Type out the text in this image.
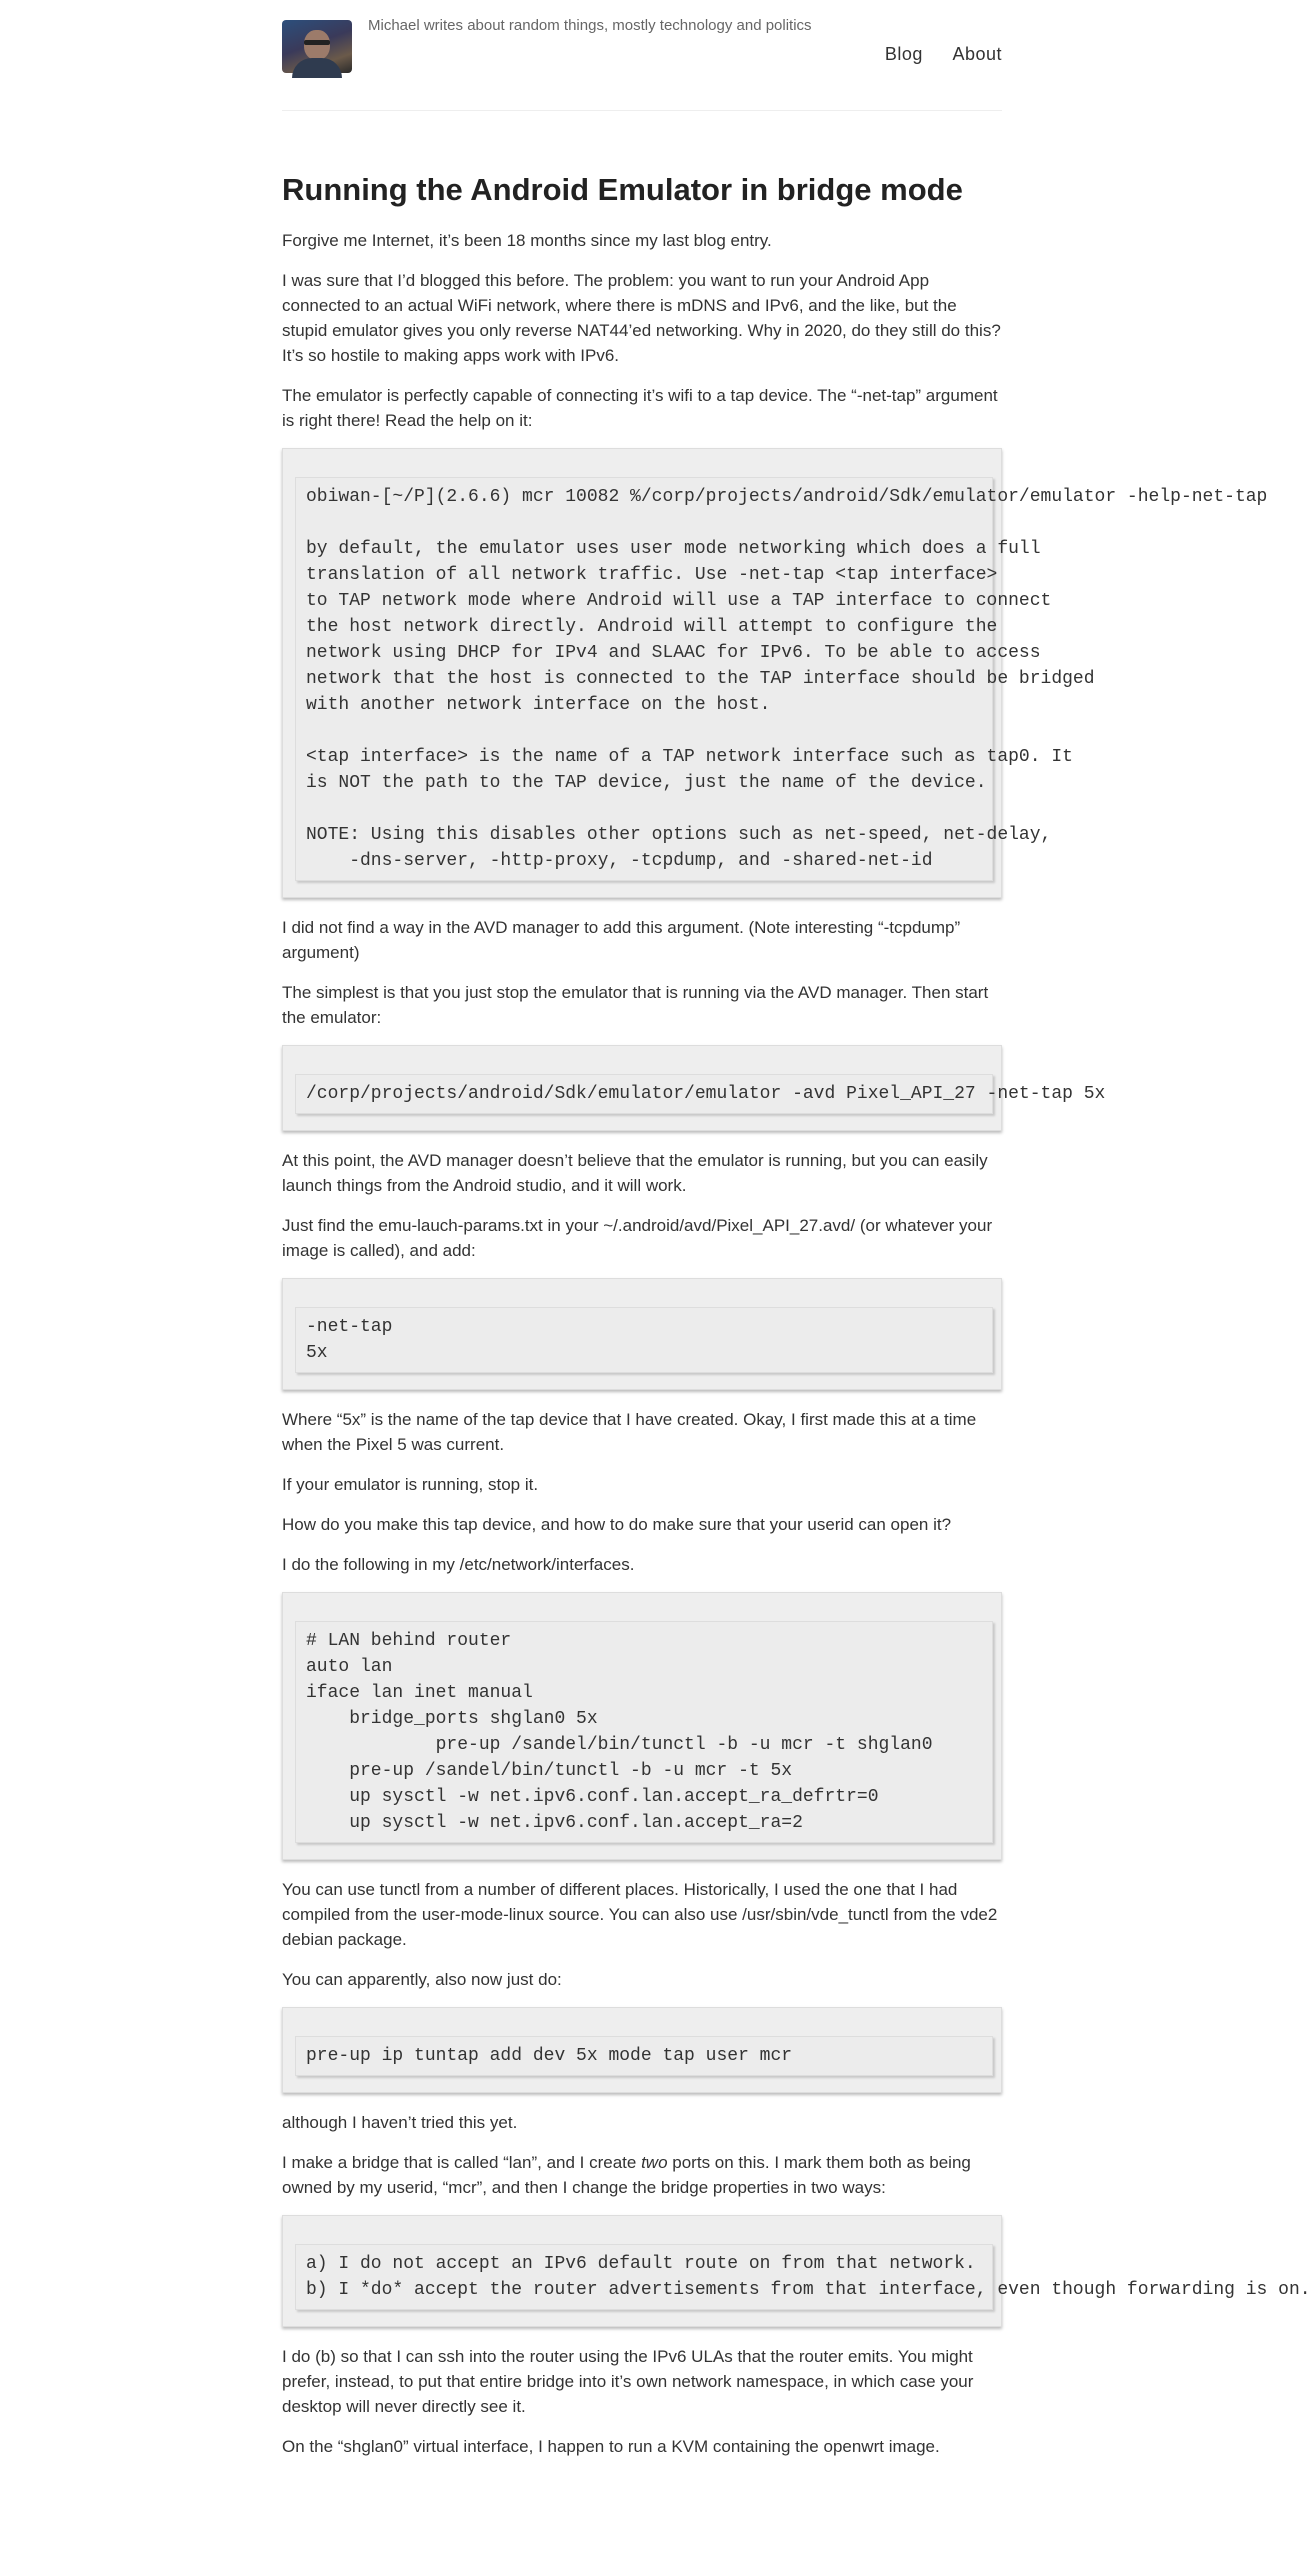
Michael writes about random things, mostly technology and politics
Blog About
Running the Android Emulator in bridge mode

Forgive me Internet, it’s been 18 months since my last blog entry.

I was sure that I’d blogged this before. The problem: you want to run your Android App connected to an actual WiFi network, where there is mDNS and IPv6, and the like, but the stupid emulator gives you only reverse NAT44’ed networking. Why in 2020, do they still do this? It’s so hostile to making apps work with IPv6.

The emulator is perfectly capable of connecting it’s wifi to a tap device. The “-net-tap” argument is right there! Read the help on it:

obiwan-[~/P](2.6.6) mcr 10082 %/corp/projects/android/Sdk/emulator/emulator -help-net-tap

by default, the emulator uses user mode networking which does a full
translation of all network traffic. Use -net-tap <tap interface>
to TAP network mode where Android will use a TAP interface to connect
the host network directly. Android will attempt to configure the
network using DHCP for IPv4 and SLAAC for IPv6. To be able to access
network that the host is connected to the TAP interface should be bridged
with another network interface on the host.

<tap interface> is the name of a TAP network interface such as tap0. It
is NOT the path to the TAP device, just the name of the device.

NOTE: Using this disables other options such as net-speed, net-delay,
-dns-server, -http-proxy, -tcpdump, and -shared-net-id

I did not find a way in the AVD manager to add this argument. (Note interesting “-tcpdump” argument)

The simplest is that you just stop the emulator that is running via the AVD manager. Then start the emulator:

/corp/projects/android/Sdk/emulator/emulator -avd Pixel_API_27 -net-tap 5x

At this point, the AVD manager doesn’t believe that the emulator is running, but you can easily launch things from the Android studio, and it will work.

Just find the emu-lauch-params.txt in your ~/.android/avd/Pixel_API_27.avd/ (or whatever your image is called), and add:

-net-tap
5x

Where “5x” is the name of the tap device that I have created. Okay, I first made this at a time when the Pixel 5 was current.

If your emulator is running, stop it.

How do you make this tap device, and how to do make sure that your userid can open it?

I do the following in my /etc/network/interfaces.

# LAN behind router
auto lan
iface lan inet manual
bridge_ports shglan0 5x
pre-up /sandel/bin/tunctl -b -u mcr -t shglan0
pre-up /sandel/bin/tunctl -b -u mcr -t 5x
up sysctl -w net.ipv6.conf.lan.accept_ra_defrtr=0
up sysctl -w net.ipv6.conf.lan.accept_ra=2

You can use tunctl from a number of different places. Historically, I used the one that I had compiled from the user-mode-linux source. You can also use /usr/sbin/vde_tunctl from the vde2 debian package.

You can apparently, also now just do:

pre-up ip tuntap add dev 5x mode tap user mcr

although I haven’t tried this yet.

I make a bridge that is called “lan”, and I create two ports on this. I mark them both as being owned by my userid, “mcr”, and then I change the bridge properties in two ways:

a) I do not accept an IPv6 default route on from that network.
b) I *do* accept the router advertisements from that interface, even though forwarding is on.

I do (b) so that I can ssh into the router using the IPv6 ULAs that the router emits. You might prefer, instead, to put that entire bridge into it’s own network namespace, in which case your desktop will never directly see it.

On the “shglan0” virtual interface, I happen to run a KVM containing the openwrt image.
